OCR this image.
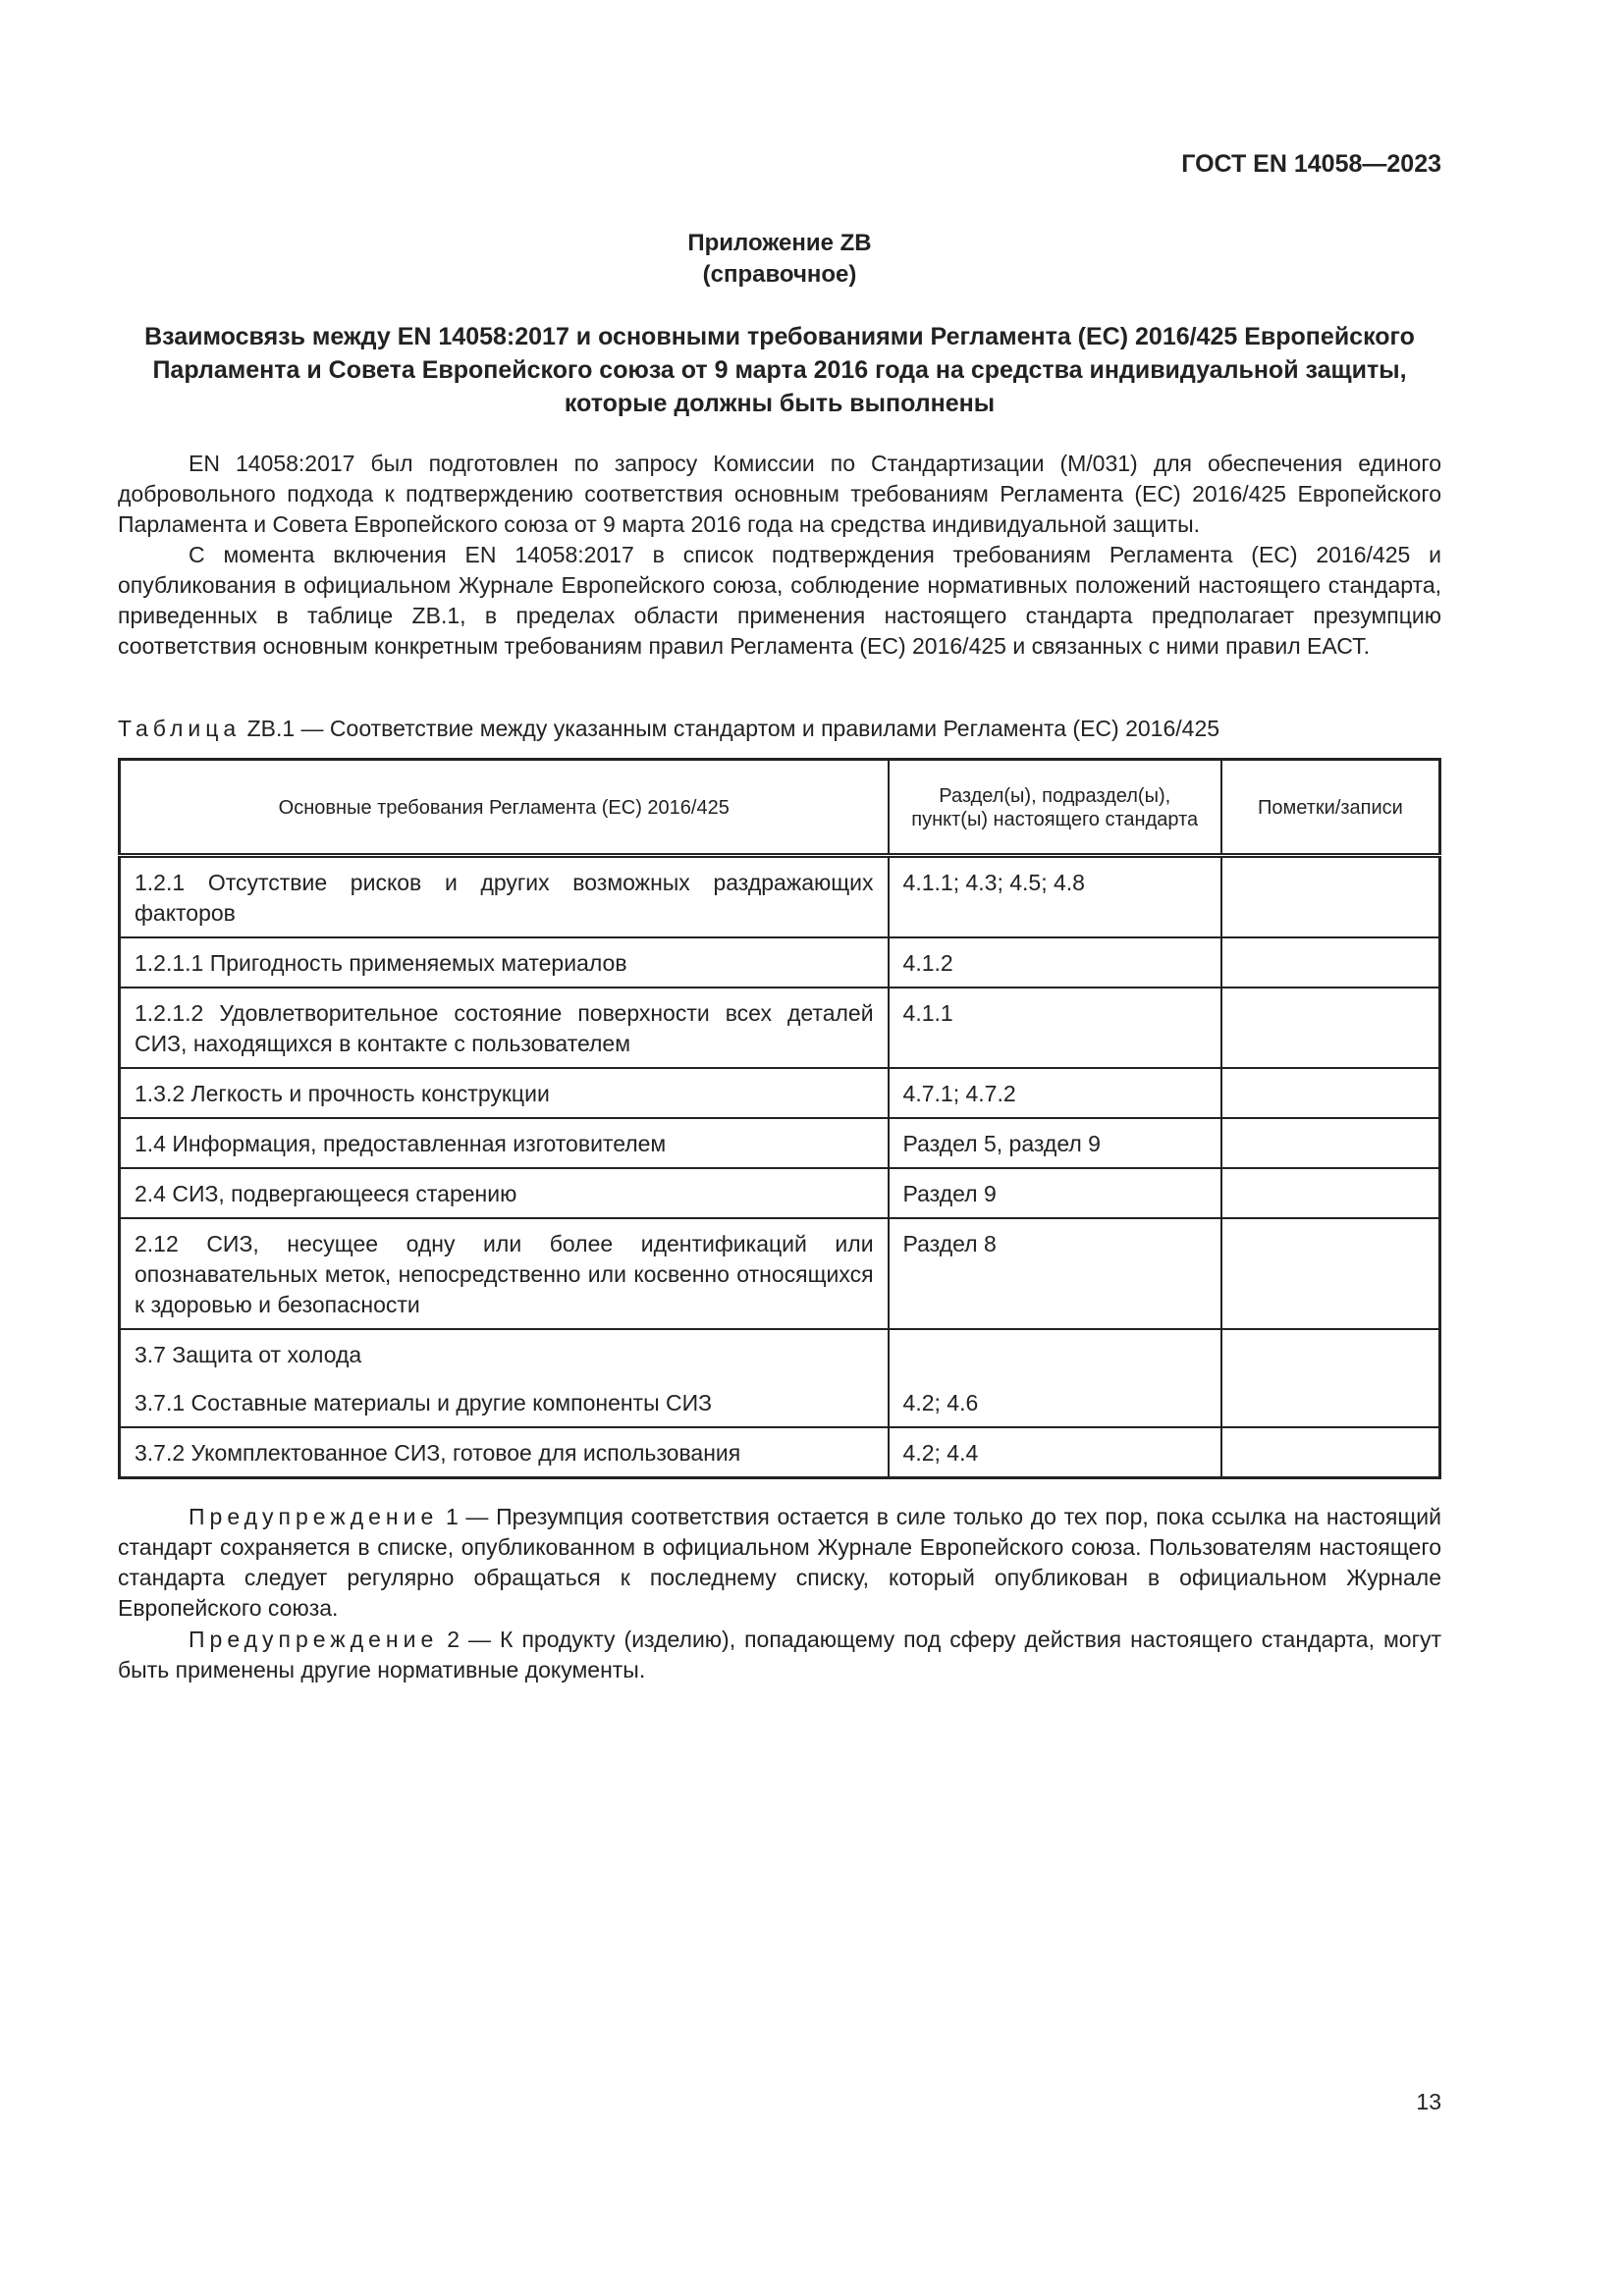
ГОСТ EN 14058—2023
Приложение ZB
(справочное)
Взаимосвязь между EN 14058:2017 и основными требованиями Регламента (ЕС) 2016/425 Европейского Парламента и Совета Европейского союза от 9 марта 2016 года на средства индивидуальной защиты, которые должны быть выполнены

EN 14058:2017 был подготовлен по запросу Комиссии по Стандартизации (M/031) для обеспечения единого добровольного подхода к подтверждению соответствия основным требованиям Регламента (ЕС) 2016/425 Европейского Парламента и Совета Европейского союза от 9 марта 2016 года на средства индивидуальной защиты.

С момента включения EN 14058:2017 в список подтверждения требованиям Регламента (ЕС) 2016/425 и опубликования в официальном Журнале Европейского союза, соблюдение нормативных положений настоящего стандарта, приведенных в таблице ZB.1, в пределах области применения настоящего стандарта предполагает презумпцию соответствия основным конкретным требованиям правил Регламента (ЕС) 2016/425 и связанных с ними правил ЕАСТ.

Таблица ZB.1 — Соответствие между указанным стандартом и правилами Регламента (ЕС) 2016/425
Основные требования Регламента (ЕС) 2016/425	Раздел(ы), подраздел(ы), пункт(ы) настоящего стандарта	Пометки/записи
1.2.1 Отсутствие рисков и других возможных раздражающих факторов	4.1.1; 4.3; 4.5; 4.8	
1.2.1.1 Пригодность применяемых материалов	4.1.2	
1.2.1.2 Удовлетворительное состояние поверхности всех деталей СИЗ, находящихся в контакте с пользователем	4.1.1	
1.3.2 Легкость и прочность конструкции	4.7.1; 4.7.2	
1.4 Информация, предоставленная изготовителем	Раздел 5, раздел 9	
2.4 СИЗ, подвергающееся старению	Раздел 9	
2.12 СИЗ, несущее одну или более идентификаций или опознавательных меток, непосредственно или косвенно относящихся к здоровью и безопасности	Раздел 8	
3.7 Защита от холода		
3.7.1 Составные материалы и другие компоненты СИЗ	4.2; 4.6	
3.7.2 Укомплектованное СИЗ, готовое для использования	4.2; 4.4	

Предупреждение 1 — Презумпция соответствия остается в силе только до тех пор, пока ссылка на настоящий стандарт сохраняется в списке, опубликованном в официальном Журнале Европейского союза. Пользователям настоящего стандарта следует регулярно обращаться к последнему списку, который опубликован в официальном Журнале Европейского союза.

Предупреждение 2 — К продукту (изделию), попадающему под сферу действия настоящего стандарта, могут быть применены другие нормативные документы.

13
